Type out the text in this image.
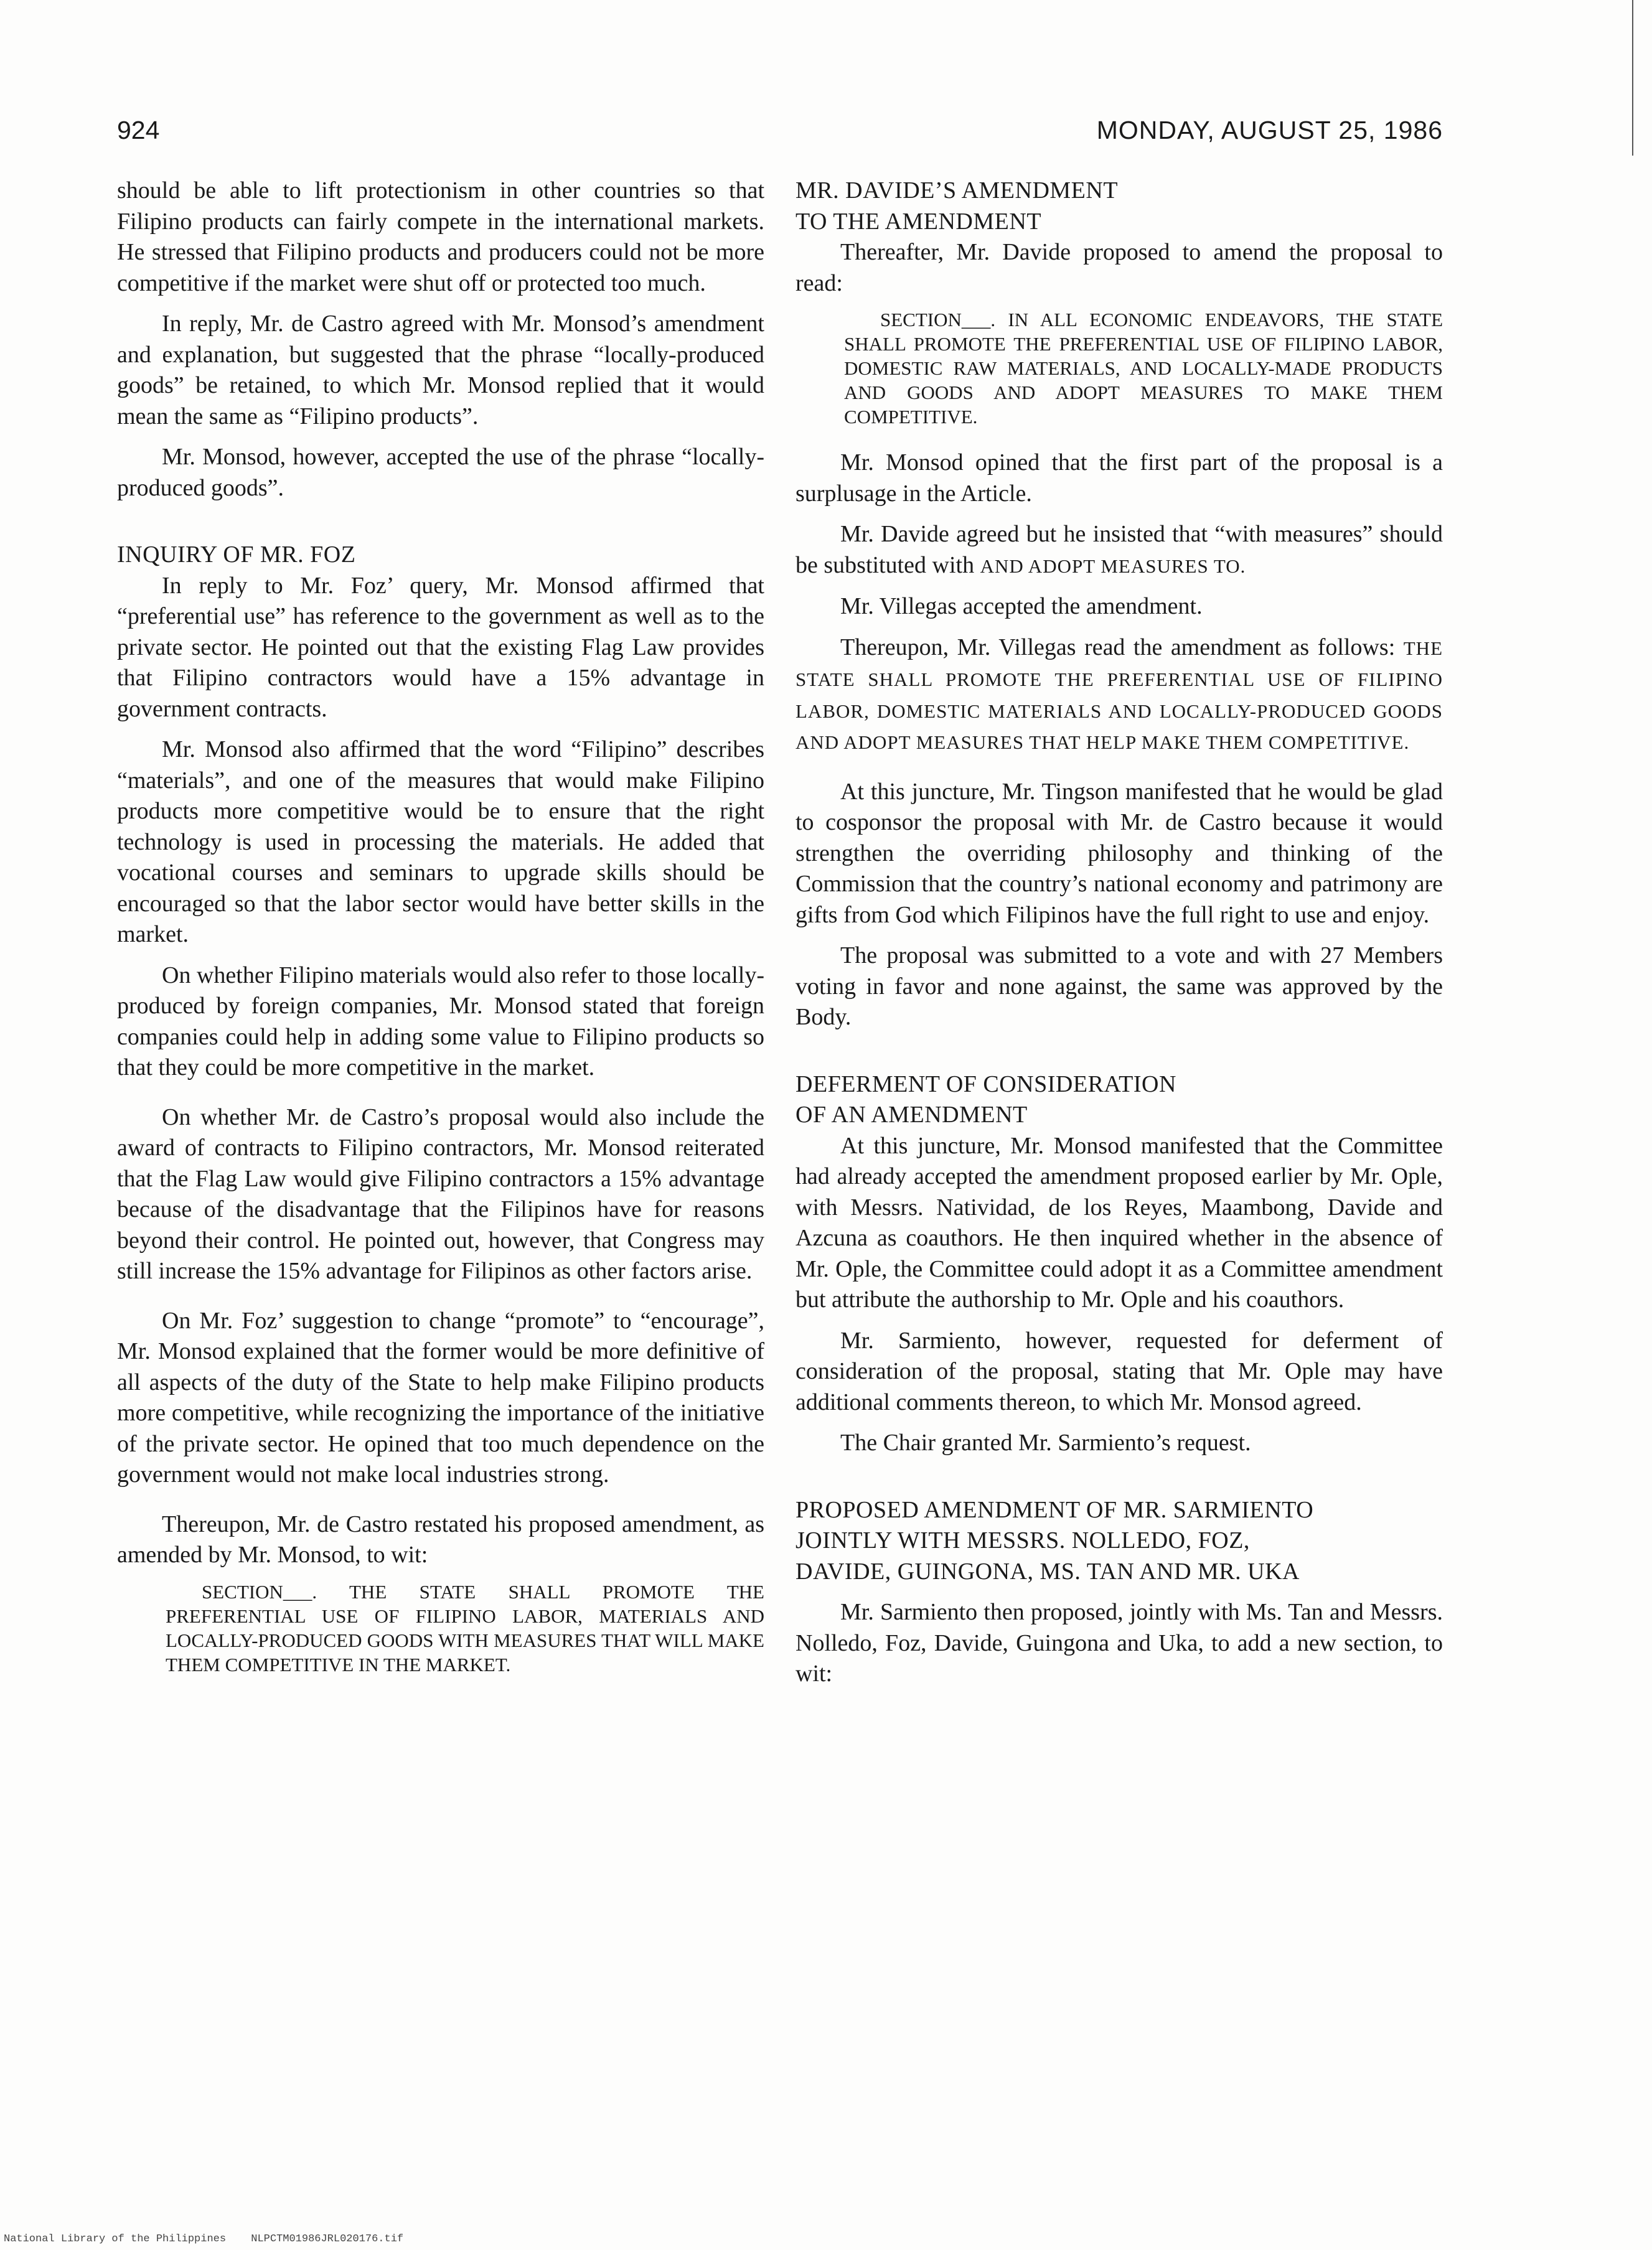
924	MONDAY, AUGUST 25, 1986

should be able to lift protectionism in other countries so that Filipino products can fairly compete in the international markets. He stressed that Filipino products and producers could not be more competitive if the market were shut off or protected too much.

In reply, Mr. de Castro agreed with Mr. Monsod’s amendment and explanation, but suggested that the phrase “locally-produced goods” be retained, to which Mr. Monsod replied that it would mean the same as “Filipino products”.

Mr. Monsod, however, accepted the use of the phrase “locally-produced goods”.

INQUIRY OF MR. FOZ

In reply to Mr. Foz’ query, Mr. Monsod affirmed that “preferential use” has reference to the government as well as to the private sector. He pointed out that the existing Flag Law provides that Filipino contractors would have a 15% advantage in government contracts.

Mr. Monsod also affirmed that the word “Filipino” describes “materials”, and one of the measures that would make Filipino products more competitive would be to ensure that the right technology is used in processing the materials. He added that vocational courses and seminars to upgrade skills should be encouraged so that the labor sector would have better skills in the market.

On whether Filipino materials would also refer to those locally-produced by foreign companies, Mr. Monsod stated that foreign companies could help in adding some value to Filipino products so that they could be more competitive in the market.

On whether Mr. de Castro’s proposal would also include the award of contracts to Filipino contractors, Mr. Monsod reiterated that the Flag Law would give Filipino contractors a 15% advantage because of the disadvantage that the Filipinos have for reasons beyond their control. He pointed out, however, that Congress may still increase the 15% advantage for Filipinos as other factors arise.

On Mr. Foz’ suggestion to change “promote” to “encourage”, Mr. Monsod explained that the former would be more definitive of all aspects of the duty of the State to help make Filipino products more competitive, while recognizing the importance of the initiative of the private sector. He opined that too much dependence on the government would not make local industries strong.

Thereupon, Mr. de Castro restated his proposed amendment, as amended by Mr. Monsod, to wit:

SECTION___. THE STATE SHALL PROMOTE THE PREFERENTIAL USE OF FILIPINO LABOR, MATERIALS AND LOCALLY-PRODUCED GOODS WITH MEASURES THAT WILL MAKE THEM COMPETITIVE IN THE MARKET.
MR. DAVIDE’S AMENDMENT
TO THE AMENDMENT

Thereafter, Mr. Davide proposed to amend the proposal to read:

SECTION___. IN ALL ECONOMIC ENDEAVORS, THE STATE SHALL PROMOTE THE PREFERENTIAL USE OF FILIPINO LABOR, DOMESTIC RAW MATERIALS, AND LOCALLY-MADE PRODUCTS AND GOODS AND ADOPT MEASURES TO MAKE THEM COMPETITIVE.

Mr. Monsod opined that the first part of the proposal is a surplusage in the Article.

Mr. Davide agreed but he insisted that “with measures” should be substituted with AND ADOPT MEASURES TO.

Mr. Villegas accepted the amendment.

Thereupon, Mr. Villegas read the amendment as follows: THE STATE SHALL PROMOTE THE PREFERENTIAL USE OF FILIPINO LABOR, DOMESTIC MATERIALS AND LOCALLY-PRODUCED GOODS AND ADOPT MEASURES THAT HELP MAKE THEM COMPETITIVE.

At this juncture, Mr. Tingson manifested that he would be glad to cosponsor the proposal with Mr. de Castro because it would strengthen the overriding philosophy and thinking of the Commission that the country’s national economy and patrimony are gifts from God which Filipinos have the full right to use and enjoy.

The proposal was submitted to a vote and with 27 Members voting in favor and none against, the same was approved by the Body.

DEFERMENT OF CONSIDERATION
OF AN AMENDMENT

At this juncture, Mr. Monsod manifested that the Committee had already accepted the amendment proposed earlier by Mr. Ople, with Messrs. Natividad, de los Reyes, Maambong, Davide and Azcuna as coauthors. He then inquired whether in the absence of Mr. Ople, the Committee could adopt it as a Committee amendment but attribute the authorship to Mr. Ople and his coauthors.

Mr. Sarmiento, however, requested for deferment of consideration of the proposal, stating that Mr. Ople may have additional comments thereon, to which Mr. Monsod agreed.

The Chair granted Mr. Sarmiento’s request.

PROPOSED AMENDMENT OF MR. SARMIENTO
JOINTLY WITH MESSRS. NOLLEDO, FOZ,
DAVIDE, GUINGONA, MS. TAN AND MR. UKA

Mr. Sarmiento then proposed, jointly with Ms. Tan and Messrs. Nolledo, Foz, Davide, Guingona and Uka, to add a new section, to wit:

National Library of the Philippines NLPCTM01986JRL020176.tif
